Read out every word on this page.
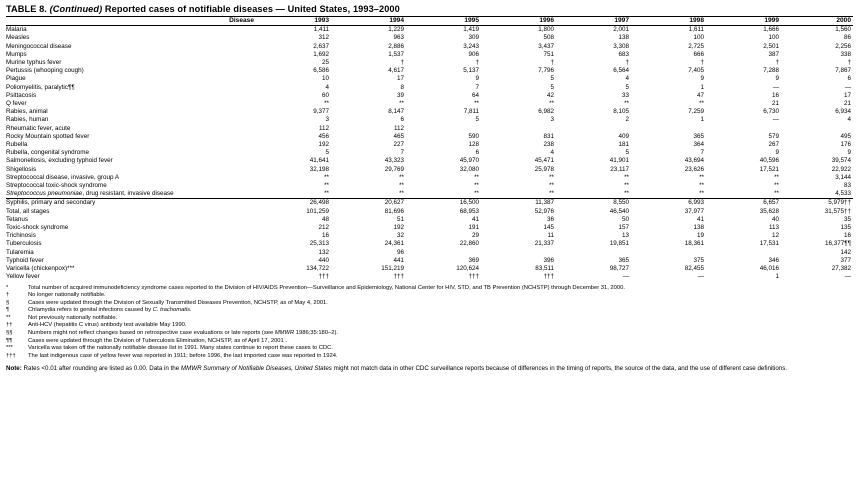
TABLE 8. (Continued) Reported cases of notifiable diseases — United States, 1993–2000
Disease	1993	1994	1995	1996	1997	1998	1999	2000
Malaria	1,411	1,229	1,419	1,800	2,001	1,611	1,666	1,560
Measles	312	963	309	508	138	100	100	86
Meningococcal disease	2,637	2,886	3,243	3,437	3,308	2,725	2,501	2,256
Mumps	1,692	1,537	906	751	683	666	387	338
Murine typhus fever	25	†	†	†	†	†	†	†
Pertussis (whooping cough)	6,586	4,617	5,137	7,796	6,564	7,405	7,288	7,867
Plague	10	17	9	5	4	9	9	6
Poliomyelitis, paralytic¶¶	4	8	7	5	5	1	—	—
Psittacosis	60	39	64	42	33	47	16	17
Q fever	**	**	**	**	**	**	21	21
Rabies, animal	9,377	8,147	7,811	6,982	8,105	7,259	6,730	6,934
Rabies, human	3	6	5	3	2	1	—	4
Rheumatic fever, acute	112	112						
Rocky Mountain spotted fever	456	465	590	831	409	365	579	495
Rubella	192	227	128	238	181	364	267	176
Rubella, congenital syndrome	5	7	6	4	5	7	9	9
Salmonellosis, excluding typhoid fever	41,641	43,323	45,970	45,471	41,901	43,694	40,596	39,574
Shigellosis	32,198	29,769	32,080	25,978	23,117	23,626	17,521	22,922
Streptococcal disease, invasive, group A	**	**	**	**	**	**	**	3,144
Streptococcal toxic-shock syndrome	**	**	**	**	**	**	**	83
Streptococcus pneumoniae, drug resistant, invasive disease	**	**	**	**	**	**	**	4,533

Syphilis, primary and secondary	26,498	20,627	16,500	11,387	8,550	6,993	6,657	5,979††
Total, all stages	101,259	81,696	68,953	52,976	46,540	37,977	35,628	31,575††
Tetanus	48	51	41	36	50	41	40	35
Toxic-shock syndrome	212	192	191	145	157	138	113	135
Trichinosis	16	32	29	11	13	19	12	16
Tuberculosis	25,313	24,361	22,860	21,337	19,851	18,361	17,531	16,377¶¶
Tularemia	132	96						142
Typhoid fever	440	441	369	396	365	375	346	377
Varicella (chickenpox)***	134,722	151,219	120,624	83,511	98,727	82,455	46,016	27,382
Yellow fever	†††	†††	†††	†††	—	—	1	—
*	Total number of acquired immunodeficiency syndrome cases reported to the Division of HIV/AIDS Prevention—Surveillance and Epidemiology, National Center for HIV, STD, and TB Prevention (NCHSTP) through December 31, 2000.
†	No longer nationally notifiable.
§	Cases were updated through the Division of Sexually Transmitted Diseases Prevention, NCHSTP, as of May 4, 2001.
¶	Chlamydia refers to genital infections caused by C. trachomatis.
**	Not previously nationally notifiable.
††	Anti-HCV (hepatitis C virus) antibody test available May 1990.
§§	Numbers might not reflect changes based on retrospective case evaluations or late reports (see MMWR 1986;35:180–2).
¶¶	Cases were updated through the Division of Tuberculosis Elimination, NCHSTP, as of April 17, 2001 .
***	Varicella was taken off the nationally notifiable disease list in 1991. Many states continue to report these cases to CDC.
††† The last indigenous case of yellow fever was reported in 1911; before 1996, the last imported case was reported in 1924.
Note: Rates <0.01 after rounding are listed as 0.00. Data in the MMWR Summary of Notifiable Diseases, United States might not match data in other CDC surveillance reports because of differences in the timing of reports, the source of the data, and the use of different case definitions.
